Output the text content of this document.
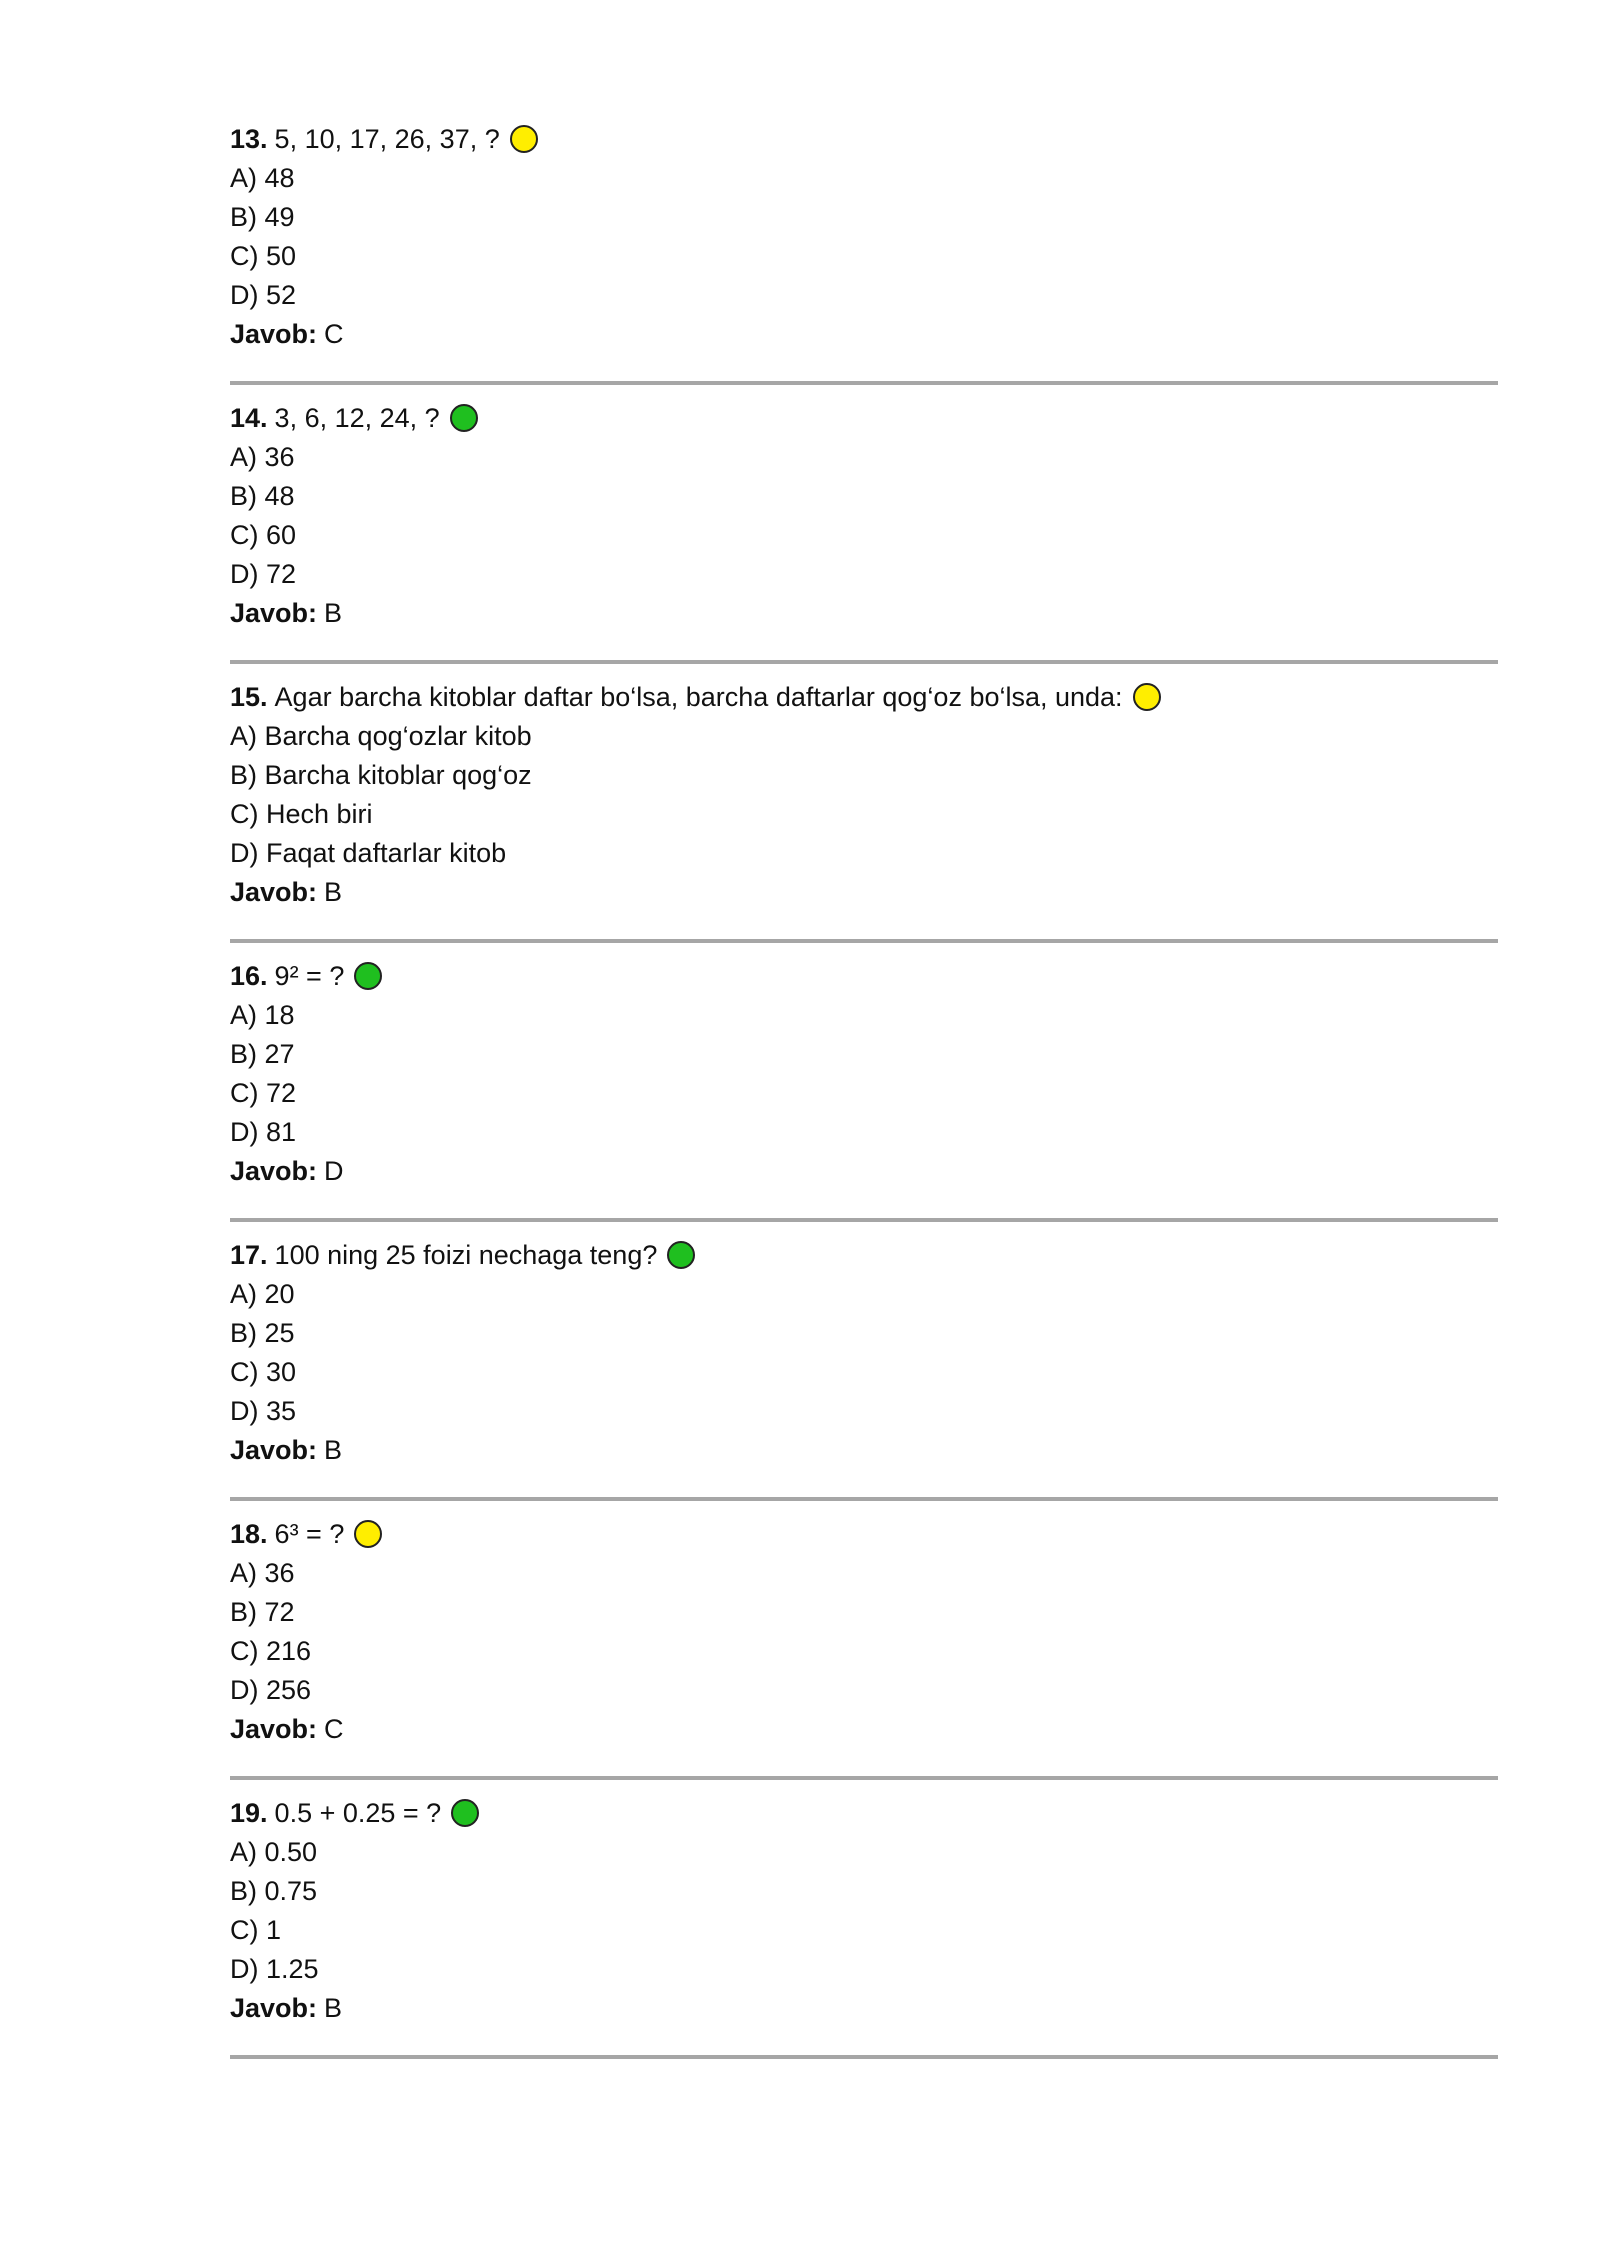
13. 5, 10, 17, 26, 37, ?
A) 48
B) 49
C) 50
D) 52
Javob: C
14. 3, 6, 12, 24, ?
A) 36
B) 48
C) 60
D) 72
Javob: B
15. Agar barcha kitoblar daftar bo‘lsa, barcha daftarlar qog‘oz bo‘lsa, unda:
A) Barcha qog‘ozlar kitob
B) Barcha kitoblar qog‘oz
C) Hech biri
D) Faqat daftarlar kitob
Javob: B
16. 9² = ?
A) 18
B) 27
C) 72
D) 81
Javob: D
17. 100 ning 25 foizi nechaga teng?
A) 20
B) 25
C) 30
D) 35
Javob: B
18. 6³ = ?
A) 36
B) 72
C) 216
D) 256
Javob: C
19. 0.5 + 0.25 = ?
A) 0.50
B) 0.75
C) 1
D) 1.25
Javob: B
